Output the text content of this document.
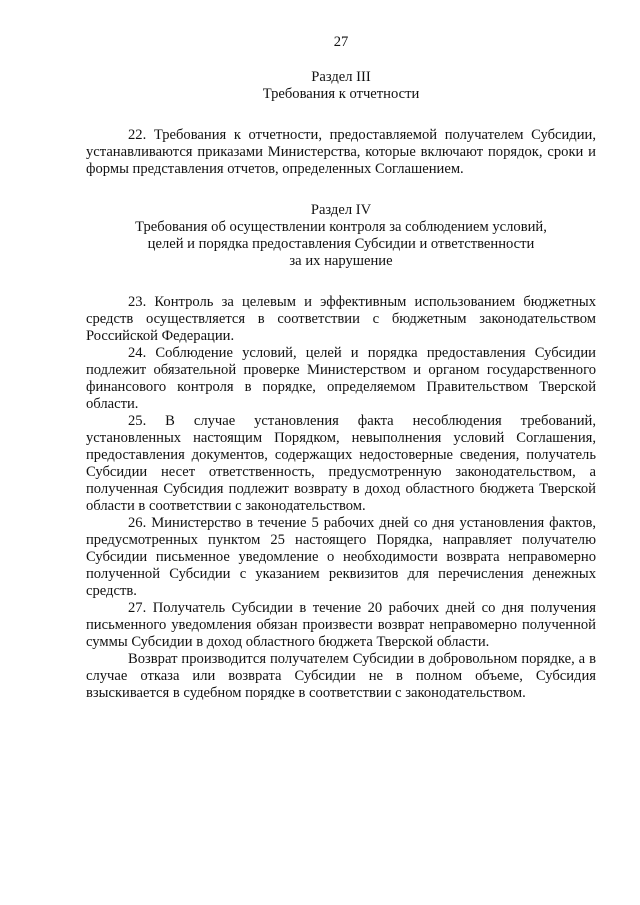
27

Раздел III

Требования к отчетности

22. Требования к отчетности, предоставляемой получателем Субсидии, устанавливаются приказами Министерства, которые включают порядок, сроки и формы представления отчетов, определенных Соглашением.

Раздел IV

Требования об осуществлении контроля за соблюдением условий,

целей и порядка предоставления Субсидии и ответственности

за их нарушение

23. Контроль за целевым и эффективным использованием бюджетных средств осуществляется в соответствии с бюджетным законодательством Российской Федерации.

24. Соблюдение условий, целей и порядка предоставления Субсидии подлежит обязательной проверке Министерством и органом государственного финансового контроля в порядке, определяемом Правительством Тверской области.

25. В случае установления факта несоблюдения требований, установленных настоящим Порядком, невыполнения условий Соглашения, предоставления документов, содержащих недостоверные сведения, получатель Субсидии несет ответственность, предусмотренную законодательством, а полученная Субсидия подлежит возврату в доход областного бюджета Тверской области в соответствии с законодательством.

26. Министерство в течение 5 рабочих дней со дня установления фактов, предусмотренных пунктом 25 настоящего Порядка, направляет получателю Субсидии письменное уведомление о необходимости возврата неправомерно полученной Субсидии с указанием реквизитов для перечисления денежных средств.

27. Получатель Субсидии в течение 20 рабочих дней со дня получения письменного уведомления обязан произвести возврат неправомерно полученной суммы Субсидии в доход областного бюджета Тверской области.

Возврат производится получателем Субсидии в добровольном порядке, а в случае отказа или возврата Субсидии не в полном объеме, Субсидия взыскивается в судебном порядке в соответствии с законодательством.
